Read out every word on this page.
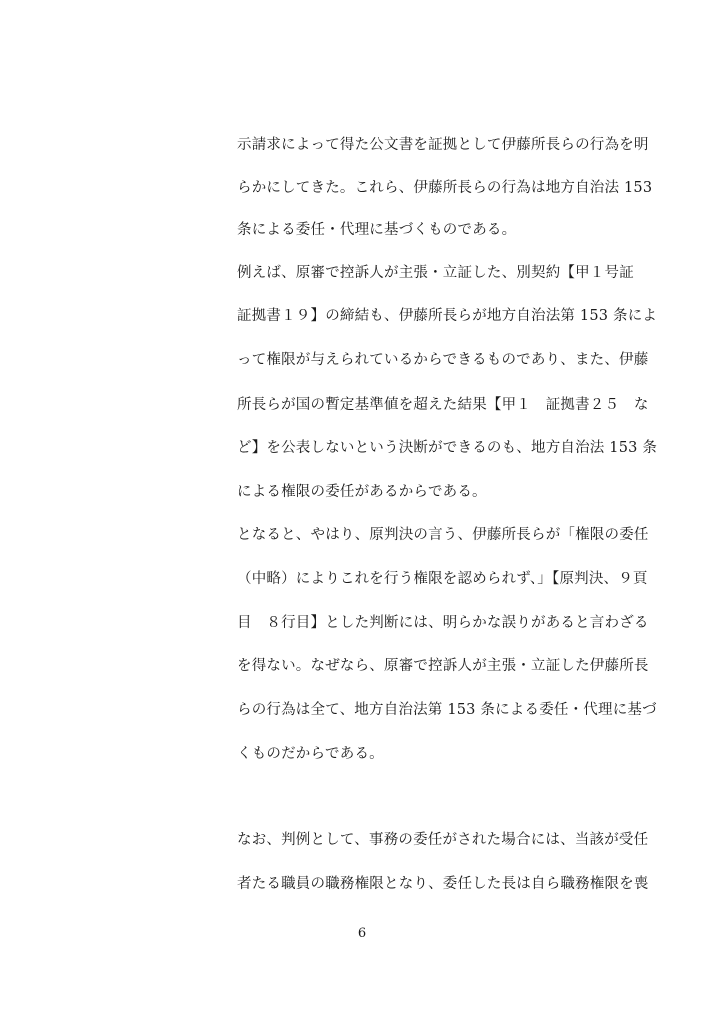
示請求によって得た公文書を証拠として伊藤所長らの行為を明
らかにしてきた。これら、伊藤所長らの行為は地方自治法 153
条による委任・代理に基づくものである。
例えば、原審で控訴人が主張・立証した、別契約【甲１号証
証拠書１９】の締結も、伊藤所長らが地方自治法第 153 条によ
って権限が与えられているからできるものであり、また、伊藤
所長らが国の暫定基準値を超えた結果【甲１　証拠書２５　な
ど】を公表しないという決断ができるのも、地方自治法 153 条
による権限の委任があるからである。
となると、やはり、原判決の言う、伊藤所長らが「権限の委任
（中略）によりこれを行う権限を認められず、」【原判決、９頁
目　８行目】とした判断には、明らかな誤りがあると言わざる
を得ない。なぜなら、原審で控訴人が主張・立証した伊藤所長
らの行為は全て、地方自治法第 153 条による委任・代理に基づ
くものだからである。
なお、判例として、事務の委任がされた場合には、当該が受任
者たる職員の職務権限となり、委任した長は自ら職務権限を喪
6
